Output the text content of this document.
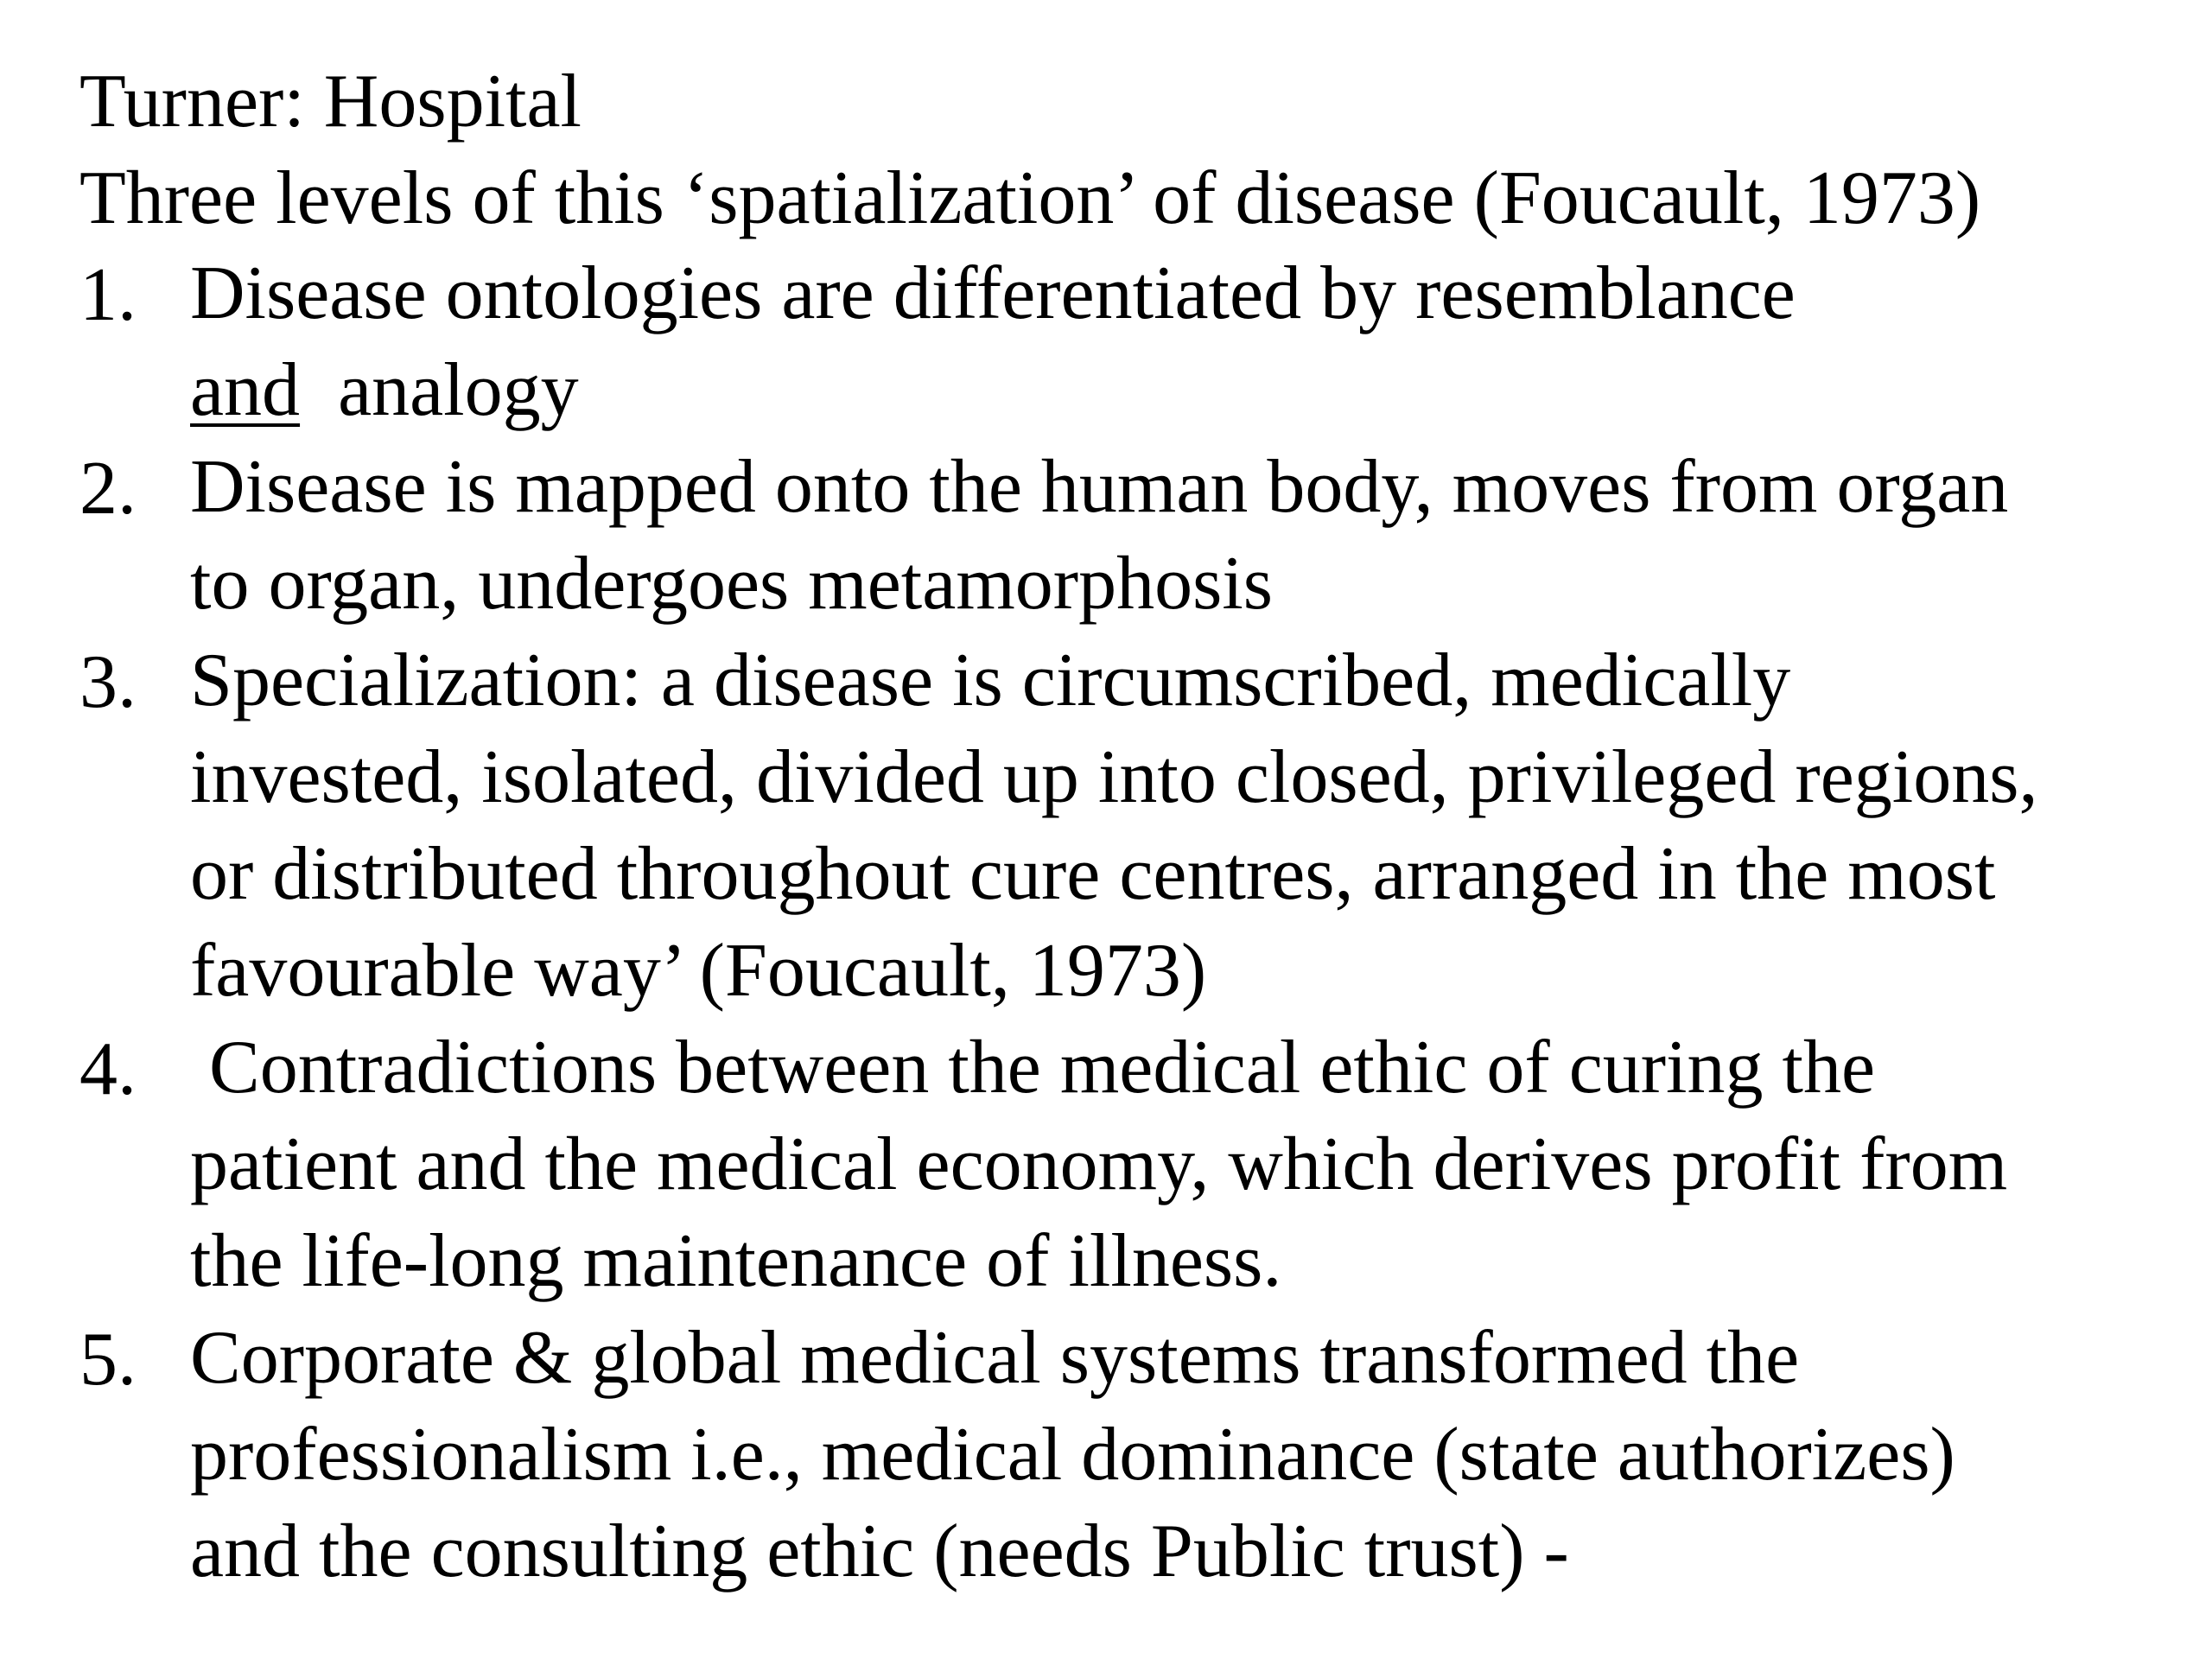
Turner: Hospital
Three levels of this ‘spatialization’ of disease (Foucault, 1973)
1. Disease ontologies are differentiated by resemblance
and  analogy
2. Disease is mapped onto the human body, moves from organ
to organ, undergoes metamorphosis
3. Specialization: a disease is circumscribed, medically
invested, isolated, divided up into closed, privileged regions,
or distributed throughout cure centres, arranged in the most
favourable way’ (Foucault, 1973)
4. Contradictions between the medical ethic of curing the
patient and the medical economy, which derives profit from
the life-long maintenance of illness.
5. Corporate & global medical systems transformed the
professionalism i.e., medical dominance (state authorizes)
and the consulting ethic (needs Public trust) -
